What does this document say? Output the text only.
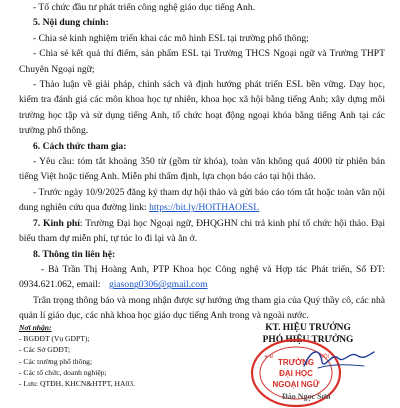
- Tổ chức đầu tư phát triển công nghệ giáo dục tiếng Anh.

5. Nội dung chính:

- Chia sẻ kinh nghiệm triển khai các mô hình ESL tại trường phổ thông;

- Chia sẻ kết quả thí điểm, sản phẩm ESL tại Trường THCS Ngoại ngữ và Trường THPT Chuyên Ngoại ngữ;

- Thảo luận về giải pháp, chính sách và định hướng phát triển ESL bền vững. Dạy học, kiểm tra đánh giá các môn khoa học tự nhiên, khoa học xã hội bằng tiếng Anh; xây dựng môi trường học tập và sử dụng tiếng Anh, tổ chức hoạt động ngoại khóa bằng tiếng Anh tại các trường phổ thông.

6. Cách thức tham gia:

- Yêu cầu: tóm tắt khoảng 350 từ (gồm từ khóa), toàn văn không quá 4000 từ phiên bản tiếng Việt hoặc tiếng Anh. Miễn phí thẩm định, lựa chọn báo cáo tại hội thảo.

- Trước ngày 10/9/2025 đăng ký tham dự hội thảo và gửi báo cáo tóm tắt hoặc toàn văn nội dung nghiên cứu qua đường link: https://bit.ly/HOITHAOESL

7. Kinh phí: Trường Đại học Ngoại ngữ, ĐHQGHN chi trả kinh phí tổ chức hội thảo. Đại biểu tham dự miễn phí, tự túc lo đi lại và ăn ở.

8. Thông tin liên hệ:

- Bà Trần Thị Hoàng Anh, PTP Khoa học Công nghệ và Hợp tác Phát triển, Số ĐT: 0934.621.062, email: giasong0306@gmail.com

Trân trọng thông báo và mong nhận được sự hưởng ứng tham gia của Quý thầy cô, các nhà quản lí giáo dục, các nhà khoa học giáo dục tiếng Anh trong và ngoài nước.

Nơi nhận:
- BGĐĐT (Vụ GDPT);
- Các Sở GDĐT;
- Các trường phổ thông;
- Các tổ chức, doanh nghiệp;
- Lưu: QTĐH, KHCN&HTPT, HA03.
KT. HIỆU TRƯỞNG
PHÓ HIỆU TRƯỞNG
TRƯỜNG
ĐẠI HỌC
NGOẠI NGỮ
∗ Đ	NỘI
Đào Ngọc Sơn
